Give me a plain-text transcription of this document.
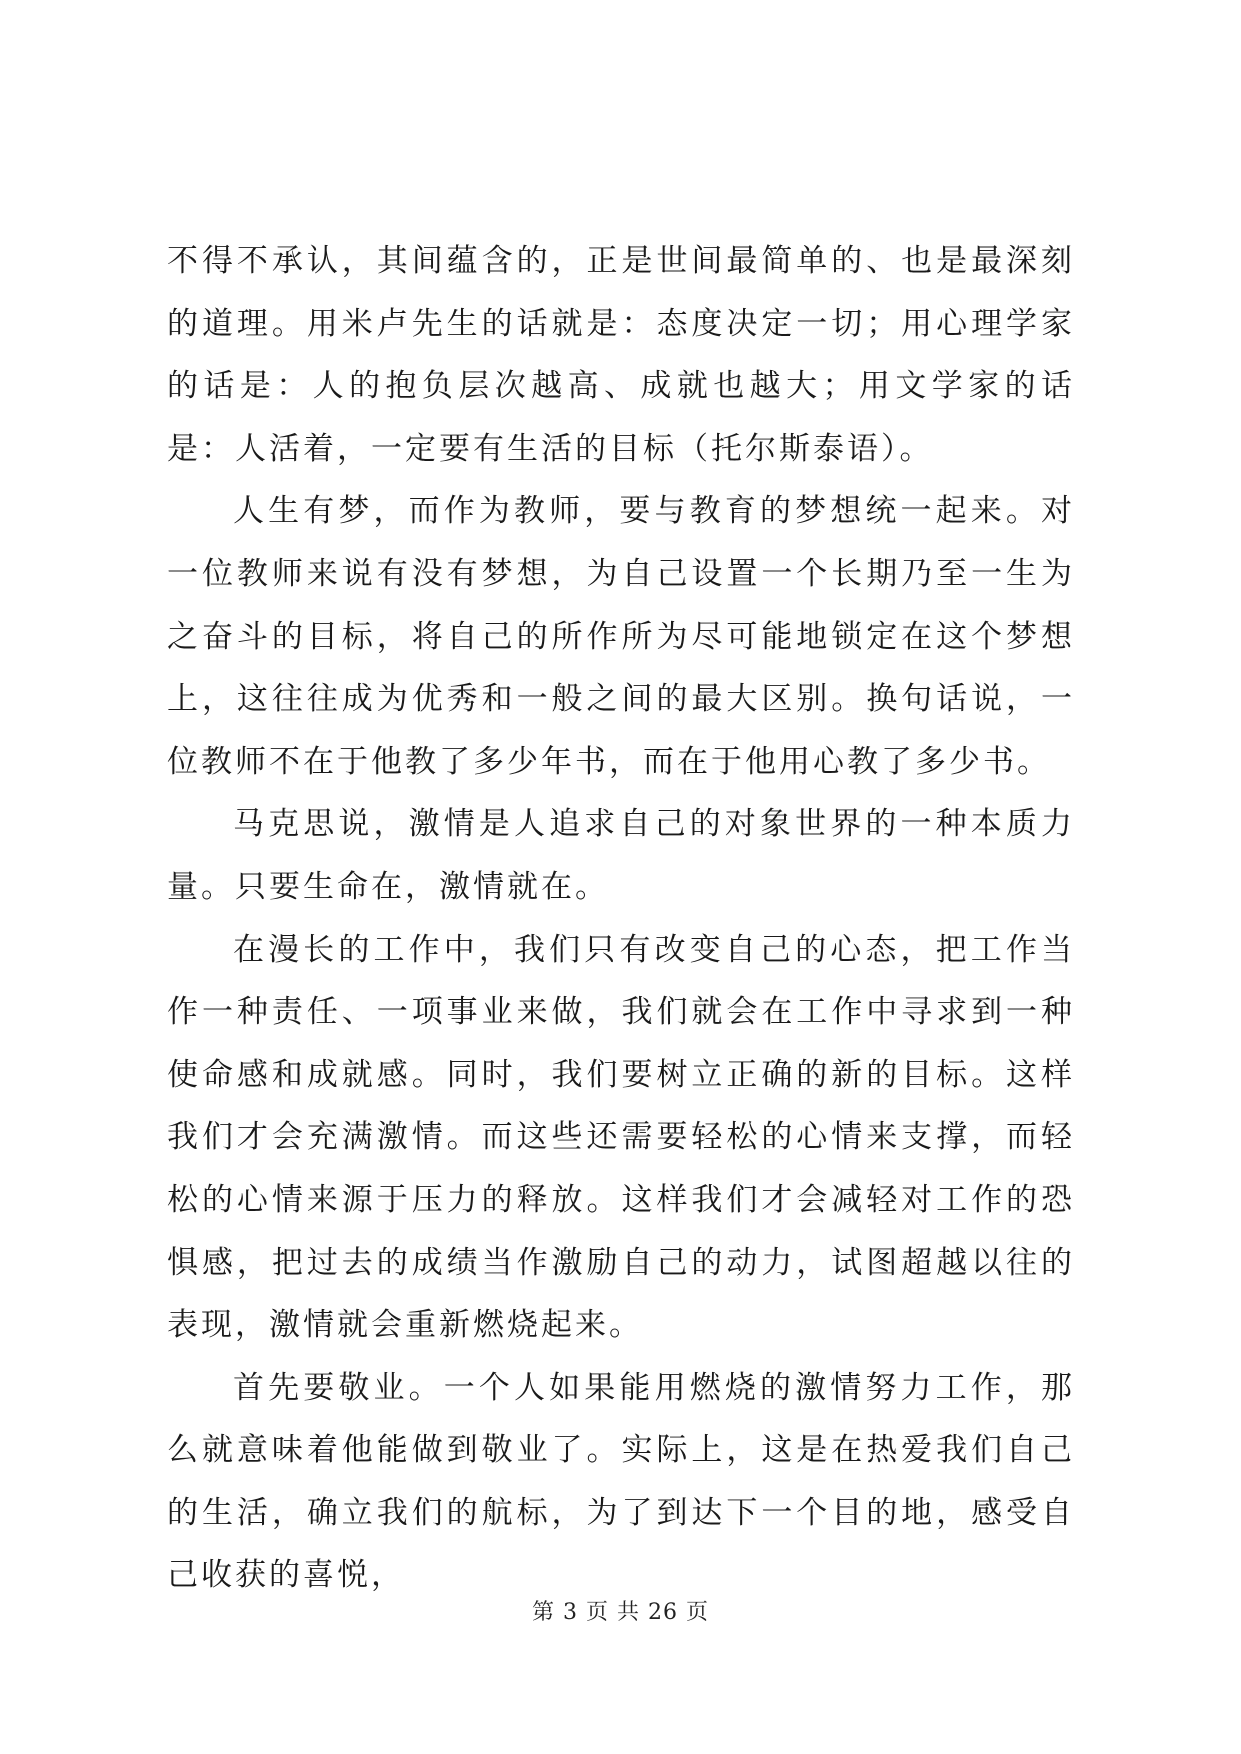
不得不承认，其间蕴含的，正是世间最简单的、也是最深刻的道理。用米卢先生的话就是：态度决定一切；用心理学家的话是：人的抱负层次越高、成就也越大；用文学家的话是：人活着，一定要有生活的目标（托尔斯泰语）。

人生有梦，而作为教师，要与教育的梦想统一起来。对一位教师来说有没有梦想，为自己设置一个长期乃至一生为之奋斗的目标，将自己的所作所为尽可能地锁定在这个梦想上，这往往成为优秀和一般之间的最大区别。换句话说，一位教师不在于他教了多少年书，而在于他用心教了多少书。

马克思说，激情是人追求自己的对象世界的一种本质力量。只要生命在，激情就在。

在漫长的工作中，我们只有改变自己的心态，把工作当作一种责任、一项事业来做，我们就会在工作中寻求到一种使命感和成就感。同时，我们要树立正确的新的目标。这样我们才会充满激情。而这些还需要轻松的心情来支撑，而轻松的心情来源于压力的释放。这样我们才会减轻对工作的恐惧感，把过去的成绩当作激励自己的动力，试图超越以往的表现，激情就会重新燃烧起来。

首先要敬业。一个人如果能用燃烧的激情努力工作，那么就意味着他能做到敬业了。实际上，这是在热爱我们自己的生活，确立我们的航标，为了到达下一个目的地，感受自己收获的喜悦，

第 3 页 共 26 页
